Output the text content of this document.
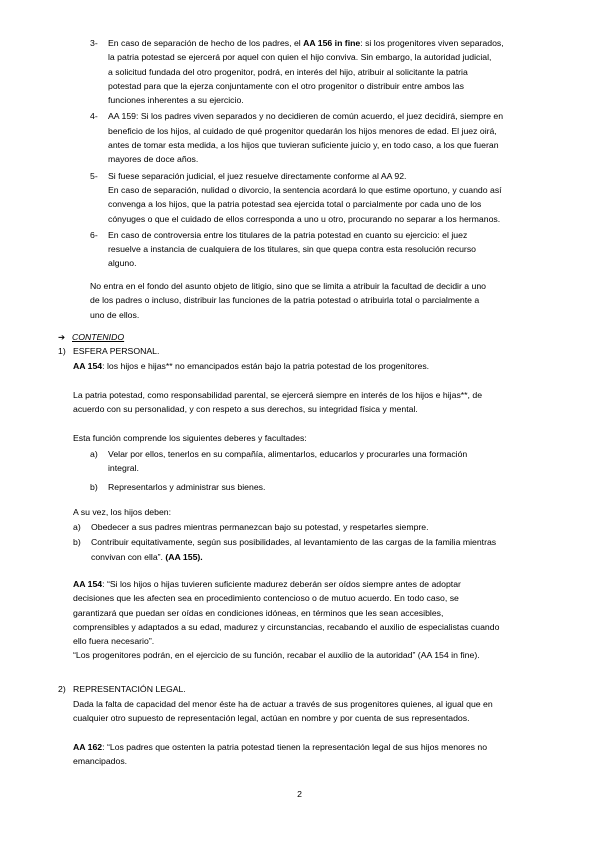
3-	En caso de separación de hecho de los padres, el AA 156 in fine: si los progenitores viven separados,

la patria potestad se ejercerá por aquel con quien el hijo conviva. Sin embargo, la autoridad judicial,

a solicitud fundada del otro progenitor, podrá, en interés del hijo, atribuir al solicitante la patria

potestad para que la ejerza conjuntamente con el otro progenitor o distribuir entre ambos las

funciones inherentes a su ejercicio.

4-	AA 159: Si los padres viven separados y no decidieren de común acuerdo, el juez decidirá, siempre en

beneficio de los hijos, al cuidado de qué progenitor quedarán los hijos menores de edad. El juez oirá,

antes de tomar esta medida, a los hijos que tuvieran suficiente juicio y, en todo caso, a los que fueran

mayores de doce años.

5-	Si fuese separación judicial, el juez resuelve directamente conforme al AA 92.

En caso de separación, nulidad o divorcio, la sentencia acordará lo que estime oportuno, y cuando así

convenga a los hijos, que la patria potestad sea ejercida total o parcialmente por cada uno de los

cónyuges o que el cuidado de ellos corresponda a uno u otro, procurando no separar a los hermanos.

6-	En caso de controversia entre los titulares de la patria potestad en cuanto su ejercicio: el juez

resuelve a instancia de cualquiera de los titulares, sin que quepa contra esta resolución recurso

alguno.

No entra en el fondo del asunto objeto de litigio, sino que se limita a atribuir la facultad de decidir a uno

de los padres o incluso, distribuir las funciones de la patria potestad o atribuirla total o parcialmente a

uno de ellos.

➔ CONTENIDO
1) ESFERA PERSONAL.

AA 154: los hijos e hijas** no emancipados están bajo la patria potestad de los progenitores.

La patria potestad, como responsabilidad parental, se ejercerá siempre en interés de los hijos e hijas**, de

acuerdo con su personalidad, y con respeto a sus derechos, su integridad física y mental.

Esta función comprende los siguientes deberes y facultades:

a)	Velar por ellos, tenerlos en su compañía, alimentarlos, educarlos y procurarles una formación

integral.

b)	Representarlos y administrar sus bienes.

A su vez, los hijos deben:

a)	Obedecer a sus padres mientras permanezcan bajo su potestad, y respetarles siempre.

b)	Contribuir equitativamente, según sus posibilidades, al levantamiento de las cargas de la familia mientras

convivan con ella”. (AA 155).

AA 154: “Si los hijos o hijas tuvieren suficiente madurez deberán ser oídos siempre antes de adoptar

decisiones que les afecten sea en procedimiento contencioso o de mutuo acuerdo. En todo caso, se

garantizará que puedan ser oídas en condiciones idóneas, en términos que les sean accesibles,

comprensibles y adaptados a su edad, madurez y circunstancias, recabando el auxilio de especialistas cuando

ello fuera necesario”.

“Los progenitores podrán, en el ejercicio de su función, recabar el auxilio de la autoridad” (AA 154 in fine).

2) REPRESENTACIÓN LEGAL.

Dada la falta de capacidad del menor éste ha de actuar a través de sus progenitores quienes, al igual que en

cualquier otro supuesto de representación legal, actúan en nombre y por cuenta de sus representados.

AA 162: “Los padres que ostenten la patria potestad tienen la representación legal de sus hijos menores no

emancipados.

2
